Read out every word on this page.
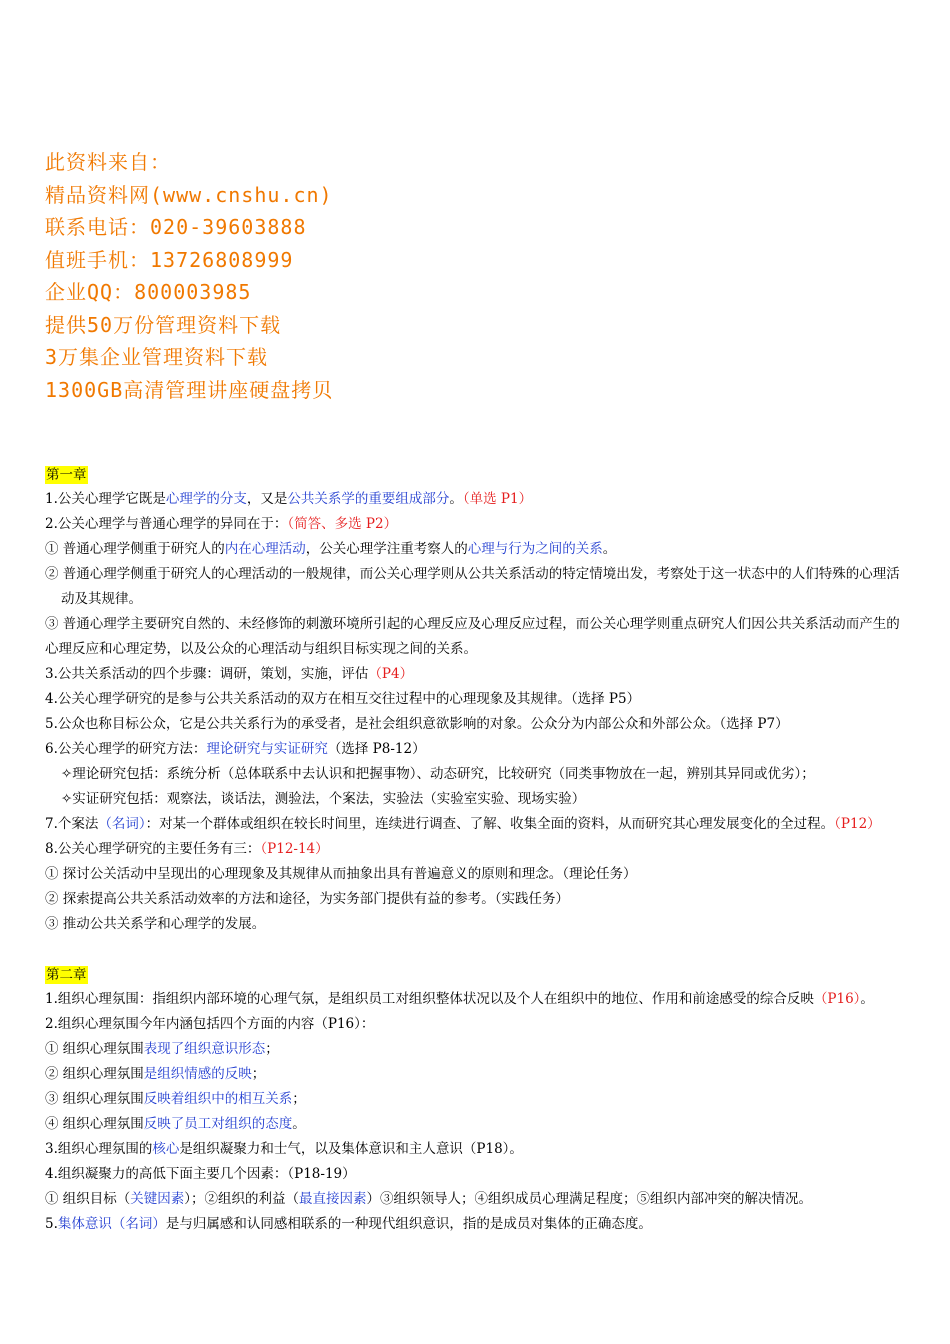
此资料来自：
精品资料网(www.cnshu.cn)
联系电话：020-39603888
值班手机：13726808999
企业QQ：800003985
提供50万份管理资料下载
3万集企业管理资料下载
1300GB高清管理讲座硬盘拷贝
第一章
1.公关心理学它既是心理学的分支，又是公共关系学的重要组成部分。（单选 P1）
2.公关心理学与普通心理学的异同在于：（简答、多选 P2）
① 普通心理学侧重于研究人的内在心理活动，公关心理学注重考察人的心理与行为之间的关系。
② 普通心理学侧重于研究人的心理活动的一般规律，而公关心理学则从公共关系活动的特定情境出发，考察处于这一状态中的人们特殊的心理活动及其规律。
③ 普通心理学主要研究自然的、未经修饰的刺激环境所引起的心理反应及心理反应过程，而公关心理学则重点研究人们因公共关系活动而产生的心理反应和心理定势，以及公众的心理活动与组织目标实现之间的关系。
3.公共关系活动的四个步骤：调研，策划，实施，评估（P4）
4.公关心理学研究的是参与公共关系活动的双方在相互交往过程中的心理现象及其规律。（选择 P5）
5.公众也称目标公众，它是公共关系行为的承受者，是社会组织意欲影响的对象。公众分为内部公众和外部公众。（选择 P7）
6.公关心理学的研究方法：理论研究与实证研究（选择 P8-12）
✧理论研究包括：系统分析（总体联系中去认识和把握事物）、动态研究，比较研究（同类事物放在一起，辨别其异同或优劣）；
✧实证研究包括：观察法，谈话法，测验法，个案法，实验法（实验室实验、现场实验）
7.个案法（名词）：对某一个群体或组织在较长时间里，连续进行调查、了解、收集全面的资料，从而研究其心理发展变化的全过程。（P12）
8.公关心理学研究的主要任务有三：（P12-14）
① 探讨公关活动中呈现出的心理现象及其规律从而抽象出具有普遍意义的原则和理念。（理论任务）
② 探索提高公共关系活动效率的方法和途径，为实务部门提供有益的参考。（实践任务）
③ 推动公共关系学和心理学的发展。
第二章
1.组织心理氛围：指组织内部环境的心理气氛，是组织员工对组织整体状况以及个人在组织中的地位、作用和前途感受的综合反映（P16）。
2.组织心理氛围今年内涵包括四个方面的内容（P16）：
① 组织心理氛围表现了组织意识形态；
② 组织心理氛围是组织情感的反映；
③ 组织心理氛围反映着组织中的相互关系；
④ 组织心理氛围反映了员工对组织的态度。
3.组织心理氛围的核心是组织凝聚力和士气，以及集体意识和主人意识（P18）。
4.组织凝聚力的高低下面主要几个因素：（P18-19）
① 组织目标（关键因素）；②组织的利益（最直接因素）③组织领导人；④组织成员心理满足程度；⑤组织内部冲突的解决情况。
5.集体意识（名词）是与归属感和认同感相联系的一种现代组织意识，指的是成员对集体的正确态度。
